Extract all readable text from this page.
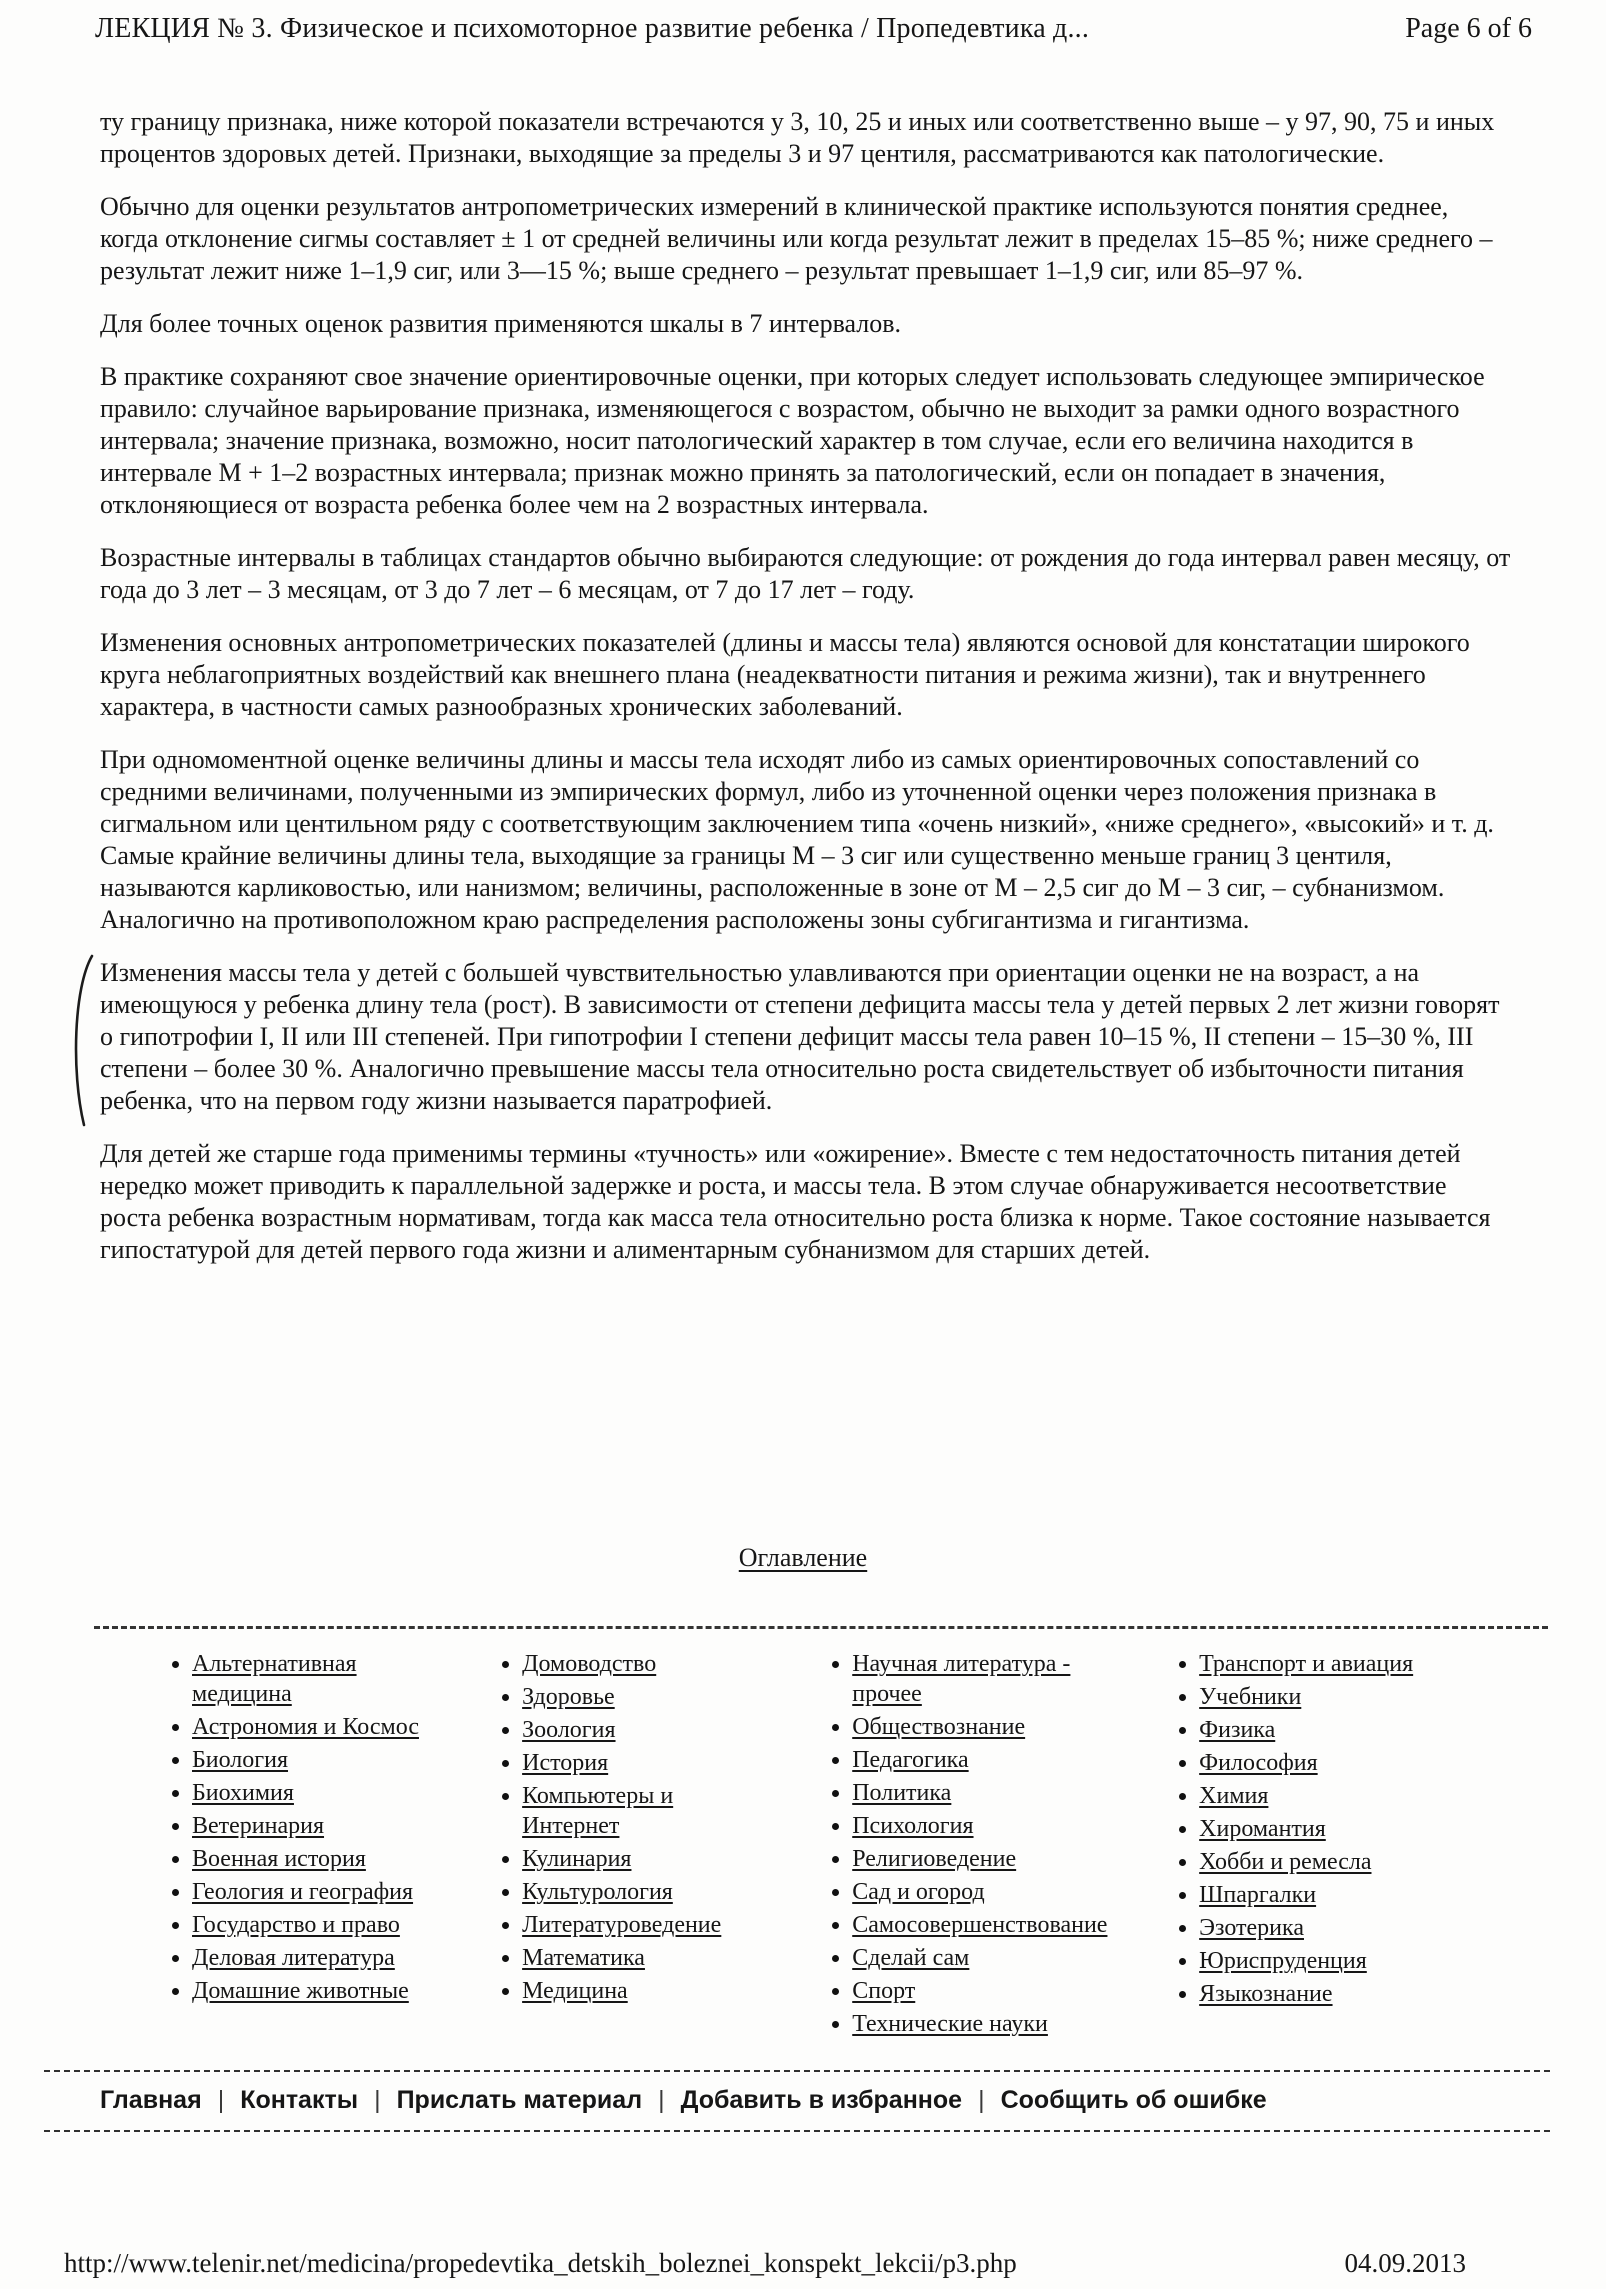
ЛЕКЦИЯ № 3. Физическое и психомоторное развитие ребенка / Пропедевтика д...	Page 6 of 6

ту границу признака, ниже которой показатели встречаются у 3, 10, 25 и иных или соответственно выше – у 97, 90, 75 и иных процентов здоровых детей. Признаки, выходящие за пределы 3 и 97 центиля, рассматриваются как патологические.

Обычно для оценки результатов антропометрических измерений в клинической практике используются понятия среднее, когда отклонение сигмы составляет ± 1 от средней величины или когда результат лежит в пределах 15–85 %; ниже среднего – результат лежит ниже 1–1,9 сиг, или 3—15 %; выше среднего – результат превышает 1–1,9 сиг, или 85–97 %.

Для более точных оценок развития применяются шкалы в 7 интервалов.

В практике сохраняют свое значение ориентировочные оценки, при которых следует использовать следующее эмпирическое правило: случайное варьирование признака, изменяющегося с возрастом, обычно не выходит за рамки одного возрастного интервала; значение признака, возможно, носит патологический характер в том случае, если его величина находится в интервале М + 1–2 возрастных интервала; признак можно принять за патологический, если он попадает в значения, отклоняющиеся от возраста ребенка более чем на 2 возрастных интервала.

Возрастные интервалы в таблицах стандартов обычно выбираются следующие: от рождения до года интервал равен месяцу, от года до 3 лет – 3 месяцам, от 3 до 7 лет – 6 месяцам, от 7 до 17 лет – году.

Изменения основных антропометрических показателей (длины и массы тела) являются основой для констатации широкого круга неблагоприятных воздействий как внешнего плана (неадекватности питания и режима жизни), так и внутреннего характера, в частности самых разнообразных хронических заболеваний.

При одномоментной оценке величины длины и массы тела исходят либо из самых ориентировочных сопоставлений со средними величинами, полученными из эмпирических формул, либо из уточненной оценки через положения признака в сигмальном или центильном ряду с соответствующим заключением типа «очень низкий», «ниже среднего», «высокий» и т. д. Самые крайние величины длины тела, выходящие за границы М – 3 сиг или существенно меньше границ 3 центиля, называются карликовостью, или нанизмом; величины, расположенные в зоне от М – 2,5 сиг до М – 3 сиг, – субнанизмом. Аналогично на противоположном краю распределения расположены зоны субгигантизма и гигантизма.

Изменения массы тела у детей с большей чувствительностью улавливаются при ориентации оценки не на возраст, а на имеющуюся у ребенка длину тела (рост). В зависимости от степени дефицита массы тела у детей первых 2 лет жизни говорят о гипотрофии I, II или III степеней. При гипотрофии I степени дефицит массы тела равен 10–15 %, II степени – 15–30 %, III степени – более 30 %. Аналогично превышение массы тела относительно роста свидетельствует об избыточности питания ребенка, что на первом году жизни называется паратрофией.

Для детей же старше года применимы термины «тучность» или «ожирение». Вместе с тем недостаточность питания детей нередко может приводить к параллельной задержке и роста, и массы тела. В этом случае обнаруживается несоответствие роста ребенка возрастным нормативам, тогда как масса тела относительно роста близка к норме. Такое состояние называется гипостатурой для детей первого года жизни и алиментарным субнанизмом для старших детей.

Оглавление
• Альтернативная медицина
• Астрономия и Космос
• Биология
• Биохимия
• Ветеринария
• Военная история
• Геология и география
• Государство и право
• Деловая литература
• Домашние животные
• Домоводство
• Здоровье
• Зоология
• История
• Компьютеры и Интернет
• Кулинария
• Культурология
• Литературоведение
• Математика
• Медицина
• Научная литература - прочее
• Обществознание
• Педагогика
• Политика
• Психология
• Религиоведение
• Сад и огород
• Самосовершенствование
• Сделай сам
• Спорт
• Технические науки
• Транспорт и авиация
• Учебники
• Физика
• Философия
• Химия
• Хиромантия
• Хобби и ремесла
• Шпаргалки
• Эзотерика
• Юриспруденция
• Языкознание
Главная | Контакты | Прислать материал | Добавить в избранное | Сообщить об ошибке
http://www.telenir.net/medicina/propedevtika_detskih_boleznei_konspekt_lekcii/p3.php	04.09.2013
